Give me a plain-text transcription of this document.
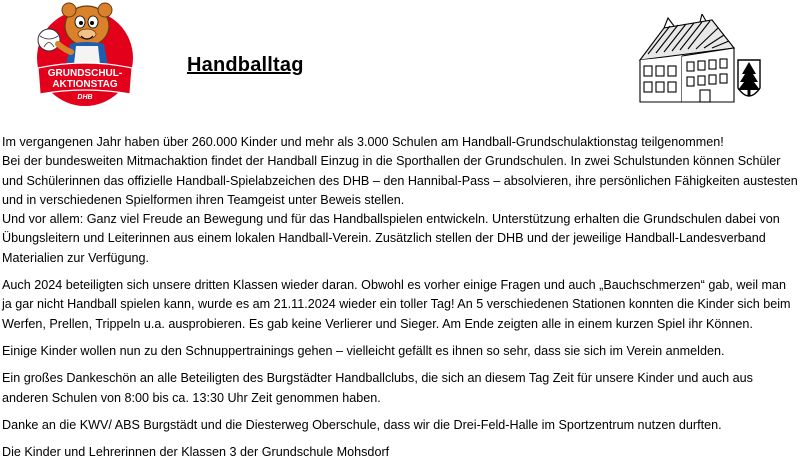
GRUNDSCHUL-
AKTIONSTAG
DHB
Handballtag

Im vergangenen Jahr haben über 260.000 Kinder und mehr als 3.000 Schulen am Handball-Grundschulaktionstag teilgenommen!
Bei der bundesweiten Mitmachaktion findet der Handball Einzug in die Sporthallen der Grundschulen. In zwei Schulstunden können Schüler und Schülerinnen das offizielle Handball-Spielabzeichen des DHB – den Hannibal-Pass – absolvieren, ihre persönlichen Fähigkeiten austesten und in verschiedenen Spielformen ihren Teamgeist unter Beweis stellen.
Und vor allem: Ganz viel Freude an Bewegung und für das Handballspielen entwickeln. Unterstützung erhalten die Grundschulen dabei von Übungsleitern und Leiterinnen aus einem lokalen Handball-Verein. Zusätzlich stellen der DHB und der jeweilige Handball-Landesverband Materialien zur Verfügung.

Auch 2024 beteiligten sich unsere dritten Klassen wieder daran. Obwohl es vorher einige Fragen und auch „Bauchschmerzen“ gab, weil man ja gar nicht Handball spielen kann, wurde es am 21.11.2024 wieder ein toller Tag! An 5 verschiedenen Stationen konnten die Kinder sich beim Werfen, Prellen, Trippeln u.a. ausprobieren. Es gab keine Verlierer und Sieger. Am Ende zeigten alle in einem kurzen Spiel ihr Können.

Einige Kinder wollen nun zu den Schnuppertrainings gehen – vielleicht gefällt es ihnen so sehr, dass sie sich im Verein anmelden.

Ein großes Dankeschön an alle Beteiligten des Burgstädter Handballclubs, die sich an diesem Tag Zeit für unsere Kinder und auch aus anderen Schulen von 8:00 bis ca. 13:30 Uhr Zeit genommen haben.

Danke an die KWV/ ABS Burgstädt und die Diesterweg Oberschule, dass wir die Drei-Feld-Halle im Sportzentrum nutzen durften.

Die Kinder und Lehrerinnen der Klassen 3 der Grundschule Mohsdorf
